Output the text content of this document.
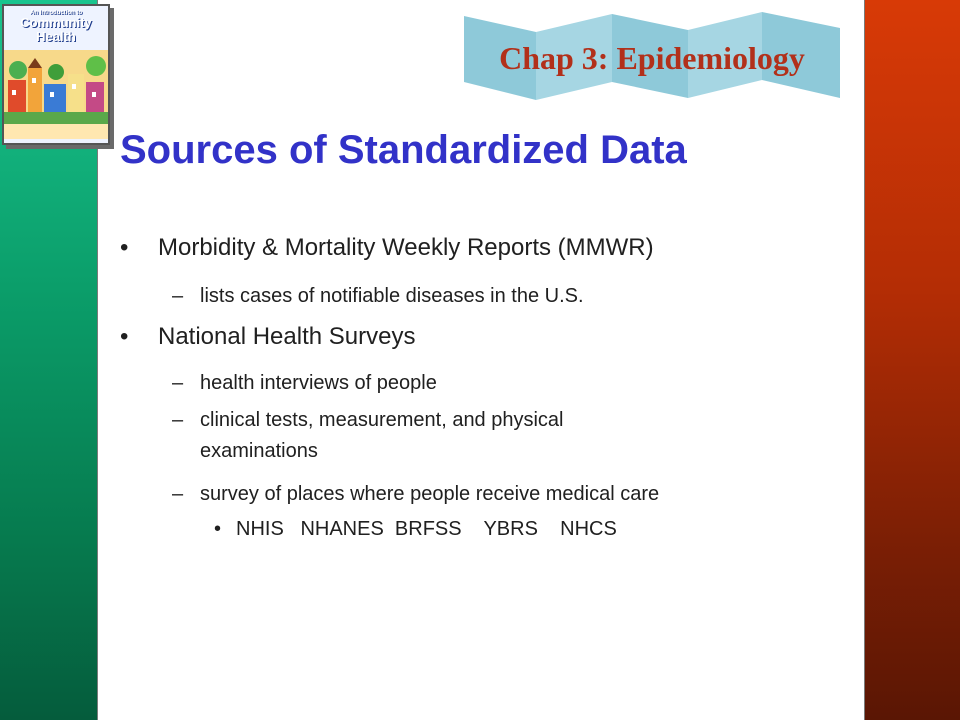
An Introduction to
Community
Health
Chap 3: Epidemiology
Sources of Standardized Data
• Morbidity & Mortality Weekly Reports (MMWR)
– lists cases of notifiable diseases in the U.S.
• National Health Surveys
– health interviews of people
– clinical tests, measurement, and physical
examinations
– survey of places where people receive medical care
• NHIS   NHANES  BRFSS    YBRS    NHCS
